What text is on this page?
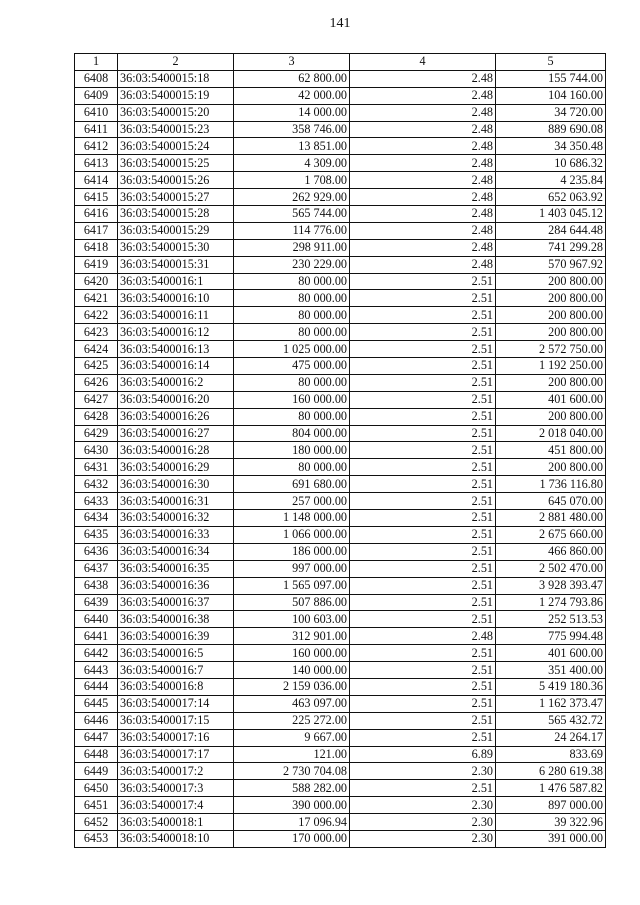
141
1	2	3	4	5
6408	36:03:5400015:18	62 800.00	2.48	155 744.00
6409	36:03:5400015:19	42 000.00	2.48	104 160.00
6410	36:03:5400015:20	14 000.00	2.48	34 720.00
6411	36:03:5400015:23	358 746.00	2.48	889 690.08
6412	36:03:5400015:24	13 851.00	2.48	34 350.48
6413	36:03:5400015:25	4 309.00	2.48	10 686.32
6414	36:03:5400015:26	1 708.00	2.48	4 235.84
6415	36:03:5400015:27	262 929.00	2.48	652 063.92
6416	36:03:5400015:28	565 744.00	2.48	1 403 045.12
6417	36:03:5400015:29	114 776.00	2.48	284 644.48
6418	36:03:5400015:30	298 911.00	2.48	741 299.28
6419	36:03:5400015:31	230 229.00	2.48	570 967.92
6420	36:03:5400016:1	80 000.00	2.51	200 800.00
6421	36:03:5400016:10	80 000.00	2.51	200 800.00
6422	36:03:5400016:11	80 000.00	2.51	200 800.00
6423	36:03:5400016:12	80 000.00	2.51	200 800.00
6424	36:03:5400016:13	1 025 000.00	2.51	2 572 750.00
6425	36:03:5400016:14	475 000.00	2.51	1 192 250.00
6426	36:03:5400016:2	80 000.00	2.51	200 800.00
6427	36:03:5400016:20	160 000.00	2.51	401 600.00
6428	36:03:5400016:26	80 000.00	2.51	200 800.00
6429	36:03:5400016:27	804 000.00	2.51	2 018 040.00
6430	36:03:5400016:28	180 000.00	2.51	451 800.00
6431	36:03:5400016:29	80 000.00	2.51	200 800.00
6432	36:03:5400016:30	691 680.00	2.51	1 736 116.80
6433	36:03:5400016:31	257 000.00	2.51	645 070.00
6434	36:03:5400016:32	1 148 000.00	2.51	2 881 480.00
6435	36:03:5400016:33	1 066 000.00	2.51	2 675 660.00
6436	36:03:5400016:34	186 000.00	2.51	466 860.00
6437	36:03:5400016:35	997 000.00	2.51	2 502 470.00
6438	36:03:5400016:36	1 565 097.00	2.51	3 928 393.47
6439	36:03:5400016:37	507 886.00	2.51	1 274 793.86
6440	36:03:5400016:38	100 603.00	2.51	252 513.53
6441	36:03:5400016:39	312 901.00	2.48	775 994.48
6442	36:03:5400016:5	160 000.00	2.51	401 600.00
6443	36:03:5400016:7	140 000.00	2.51	351 400.00
6444	36:03:5400016:8	2 159 036.00	2.51	5 419 180.36
6445	36:03:5400017:14	463 097.00	2.51	1 162 373.47
6446	36:03:5400017:15	225 272.00	2.51	565 432.72
6447	36:03:5400017:16	9 667.00	2.51	24 264.17
6448	36:03:5400017:17	121.00	6.89	833.69
6449	36:03:5400017:2	2 730 704.08	2.30	6 280 619.38
6450	36:03:5400017:3	588 282.00	2.51	1 476 587.82
6451	36:03:5400017:4	390 000.00	2.30	897 000.00
6452	36:03:5400018:1	17 096.94	2.30	39 322.96
6453	36:03:5400018:10	170 000.00	2.30	391 000.00
